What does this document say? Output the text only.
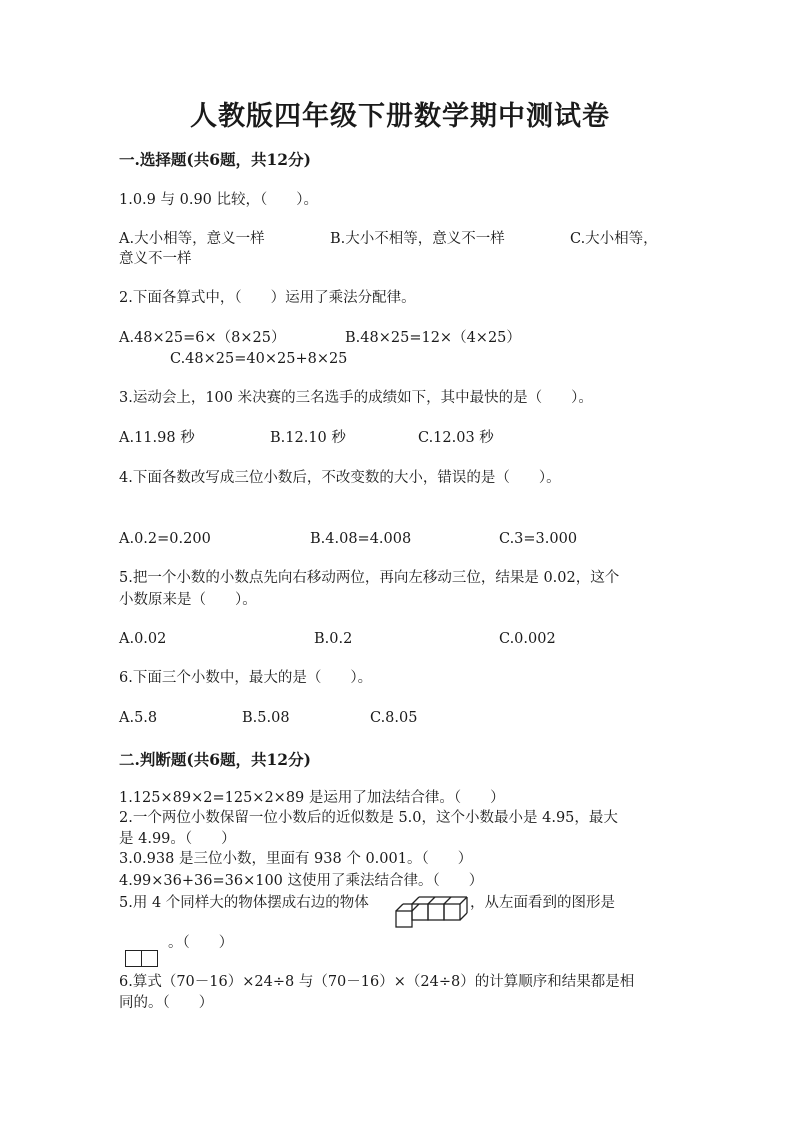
人教版四年级下册数学期中测试卷
一.选择题(共6题，共12分)
1.0.9 与 0.90 比较，（　　）。
A.大小相等，意义一样	B.大小不相等，意义不一样	C.大小相等，
意义不一样
2.下面各算式中，（　　）运用了乘法分配律。
A.48×25=6×（8×25）	B.48×25=12×（4×25）
C.48×25=40×25+8×25
3.运动会上，100 米决赛的三名选手的成绩如下，其中最快的是（　　）。
A.11.98 秒	B.12.10 秒	C.12.03 秒
4.下面各数改写成三位小数后，不改变数的大小，错误的是（　　）。
A.0.2=0.200	B.4.08=4.008	C.3=3.000
5.把一个小数的小数点先向右移动两位，再向左移动三位，结果是 0.02，这个
小数原来是（　　）。
A.0.02	B.0.2	C.0.002
6.下面三个小数中，最大的是（　　）。
A.5.8	B.5.08	C.8.05
二.判断题(共6题，共12分)
1.125×89×2=125×2×89 是运用了加法结合律。（　　）
2.一个两位小数保留一位小数后的近似数是 5.0，这个小数最小是 4.95，最大
是 4.99。（　　）
3.0.938 是三位小数，里面有 938 个 0.001。（　　）
4.99×36+36=36×100 这使用了乘法结合律。（　　）
5.用 4 个同样大的物体摆成右边的物体	，从左面看到的图形是
。（　　）
6.算式（70－16）×24÷8 与（70－16）×（24÷8）的计算顺序和结果都是相
同的。（　　）
